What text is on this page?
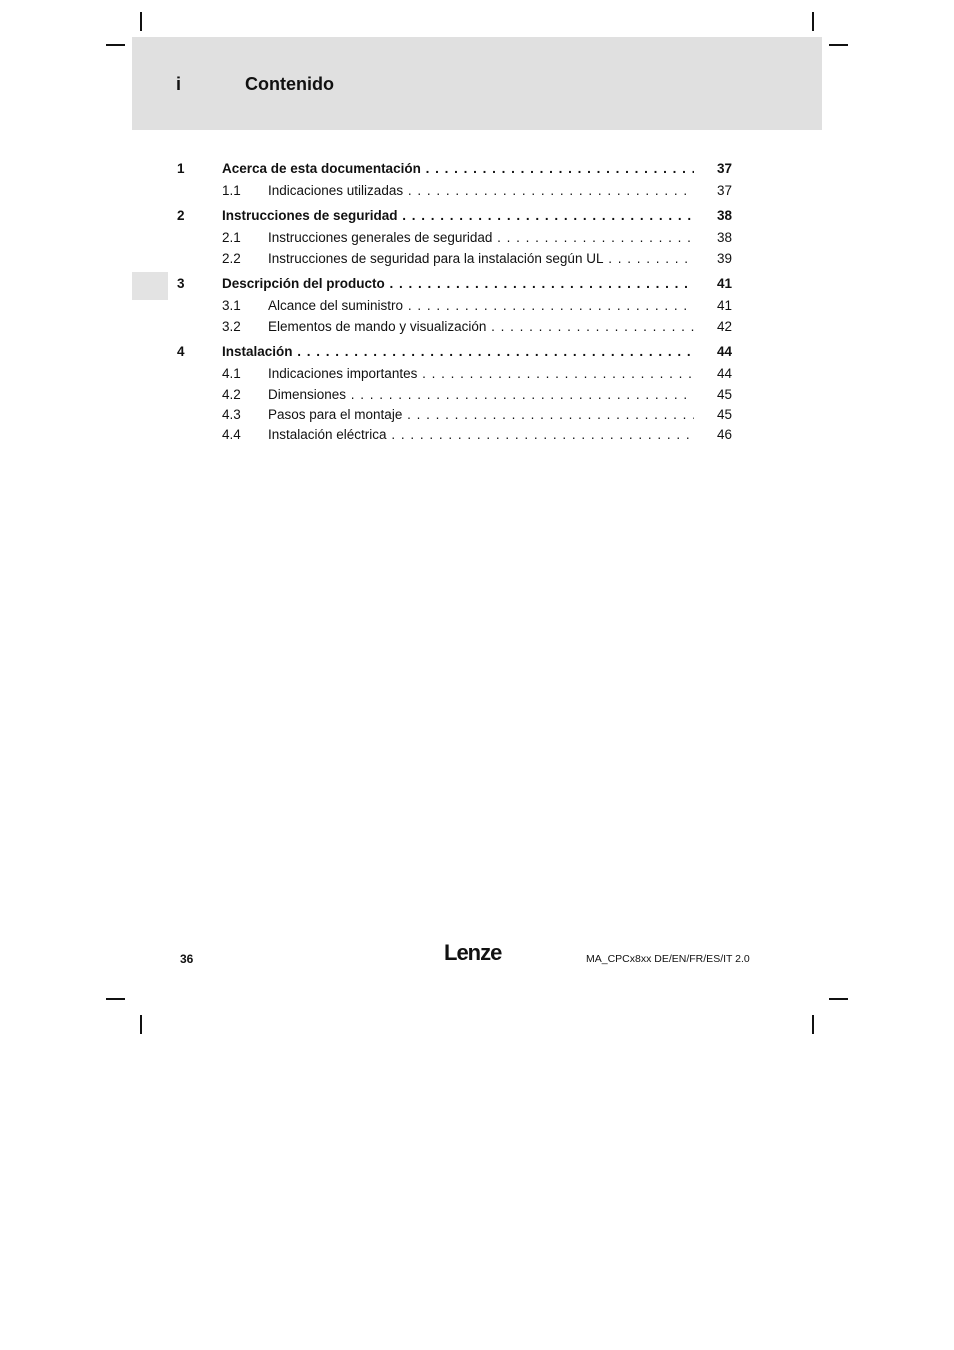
i	Contenido
1	Acerca de esta documentación . . .	37
1.1 Indicaciones utilizadas . . .	37
2	Instrucciones de seguridad . . .	38
2.1 Instrucciones generales de seguridad . . .	38
2.2 Instrucciones de seguridad para la instalación según UL . . .	39
3	Descripción del producto . . .	41
3.1 Alcance del suministro . . .	41
3.2 Elementos de mando y visualización . . .	42
4	Instalación . . .	44
4.1 Indicaciones importantes . . .	44
4.2 Dimensiones . . .	45
4.3 Pasos para el montaje . . .	45
4.4 Instalación eléctrica . . .	46
36	Lenze	MA_CPCx8xx DE/EN/FR/ES/IT 2.0
